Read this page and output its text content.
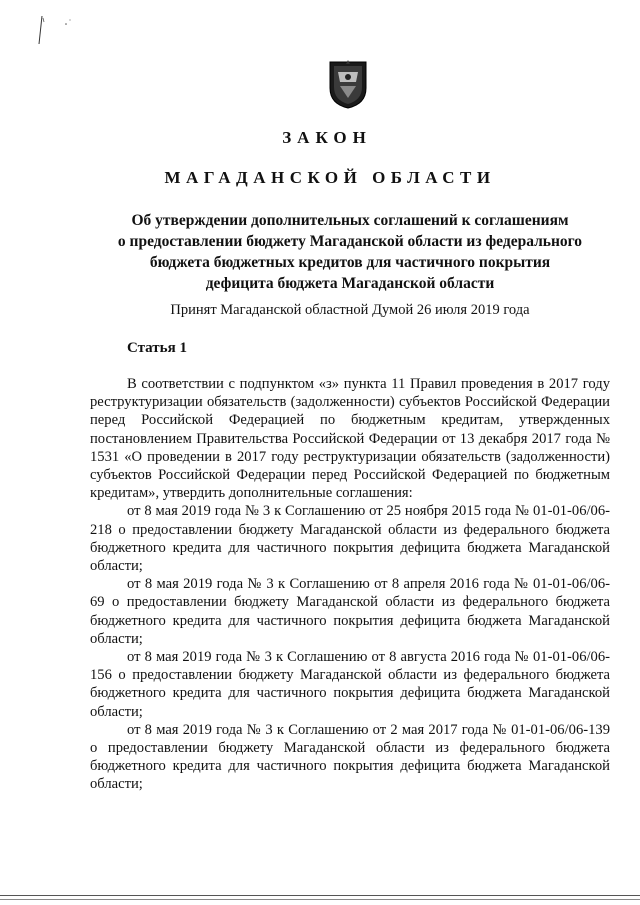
ЗАКОН
МАГАДАНСКОЙ ОБЛАСТИ
Об утверждении дополнительных соглашений к соглашениям
о предоставлении бюджету Магаданской области из федерального
бюджета бюджетных кредитов для частичного покрытия
дефицита бюджета Магаданской области
Принят Магаданской областной Думой 26 июля 2019 года
Статья 1

В соответствии с подпунктом «з» пункта 11 Правил проведения в 2017 году реструктуризации обязательств (задолженности) субъектов Российской Федерации перед Российской Федерацией по бюджетным кредитам, утвержденных постановлением Правительства Российской Федерации от 13 декабря 2017 года № 1531 «О проведении в 2017 году реструктуризации обязательств (задолженности) субъектов Российской Федерации перед Российской Федерацией по бюджетным кредитам», утвердить дополнительные соглашения:

от 8 мая 2019 года № 3 к Соглашению от 25 ноября 2015 года № 01-01-06/06-218 о предоставлении бюджету Магаданской области из федерального бюджета бюджетного кредита для частичного покрытия дефицита бюджета Магаданской области;

от 8 мая 2019 года № 3 к Соглашению от 8 апреля 2016 года № 01-01-06/06-69 о предоставлении бюджету Магаданской области из федерального бюджета бюджетного кредита для частичного покрытия дефицита бюджета Магаданской области;

от 8 мая 2019 года № 3 к Соглашению от 8 августа 2016 года № 01-01-06/06-156 о предоставлении бюджету Магаданской области из федерального бюджета бюджетного кредита для частичного покрытия дефицита бюджета Магаданской области;

от 8 мая 2019 года № 3 к Соглашению от 2 мая 2017 года № 01-01-06/06-139 о предоставлении бюджету Магаданской области из федерального бюджета бюджетного кредита для частичного покрытия дефицита бюджета Магаданской области;
